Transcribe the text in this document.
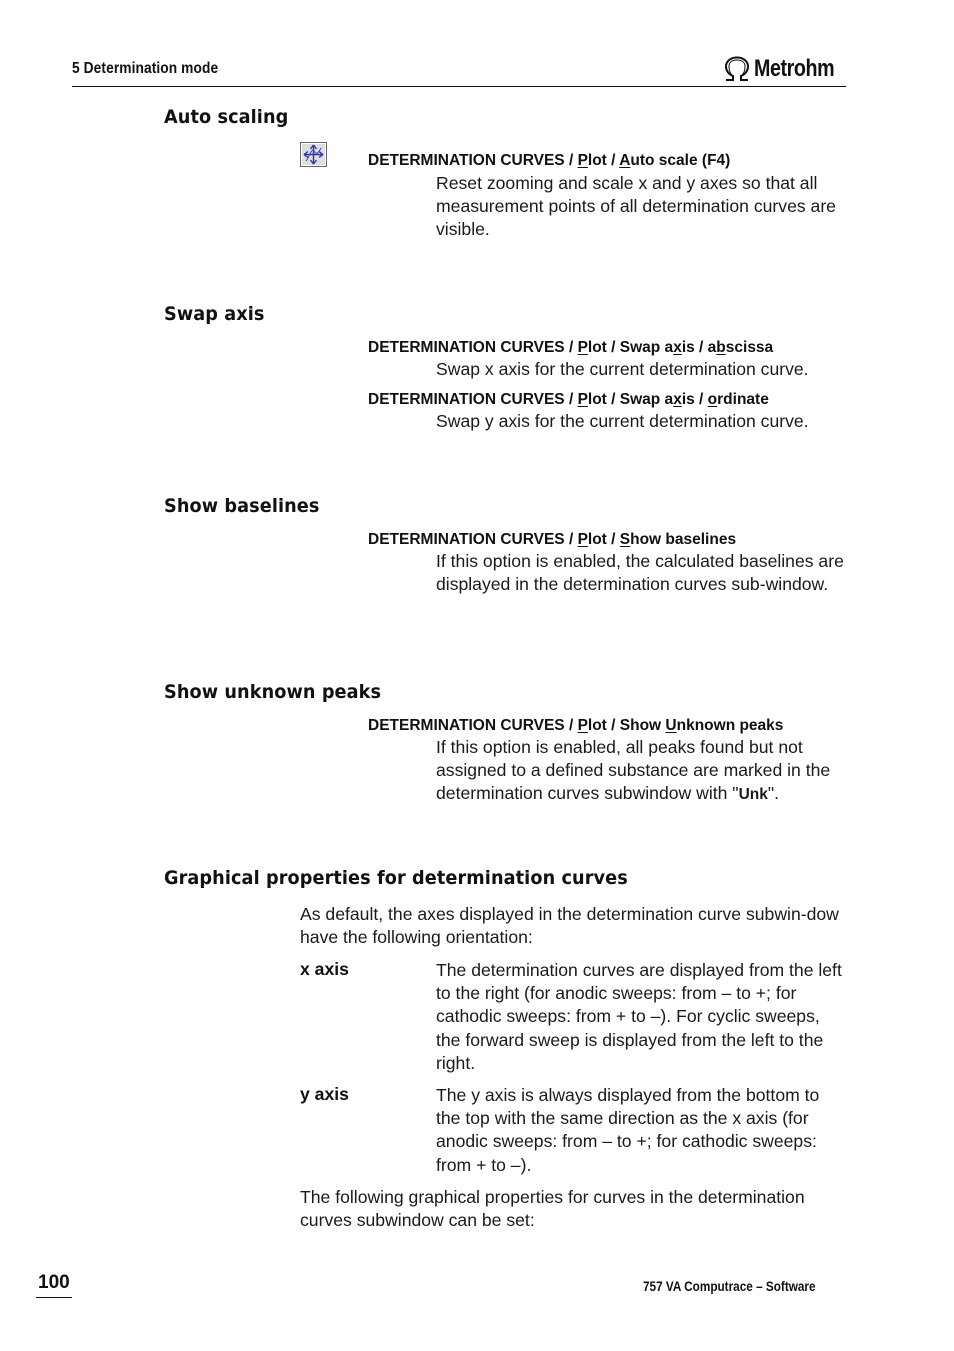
5 Determination mode	Metrohm
Auto scaling
DETERMINATION CURVES / Plot / Auto scale (F4)
Reset zooming and scale x and y axes so that all measurement points of all determination curves are visible.
Swap axis
DETERMINATION CURVES / Plot / Swap axis / abscissa
Swap x axis for the current determination curve.
DETERMINATION CURVES / Plot / Swap axis / ordinate
Swap y axis for the current determination curve.
Show baselines
DETERMINATION CURVES / Plot / Show baselines
If this option is enabled, the calculated baselines are displayed in the determination curves sub-window.
Show unknown peaks
DETERMINATION CURVES / Plot / Show Unknown peaks
If this option is enabled, all peaks found but not assigned to a defined substance are marked in the determination curves subwindow with "Unk".
Graphical properties for determination curves
As default, the axes displayed in the determination curve subwin-dow have the following orientation:
x axis	The determination curves are displayed from the left to the right (for anodic sweeps: from – to +; for cathodic sweeps: from + to –). For cyclic sweeps, the forward sweep is displayed from the left to the right.
y axis	The y axis is always displayed from the bottom to the top with the same direction as the x axis (for anodic sweeps: from – to +; for cathodic sweeps: from + to –).
The following graphical properties for curves in the determination curves subwindow can be set:
100	757 VA Computrace – Software
